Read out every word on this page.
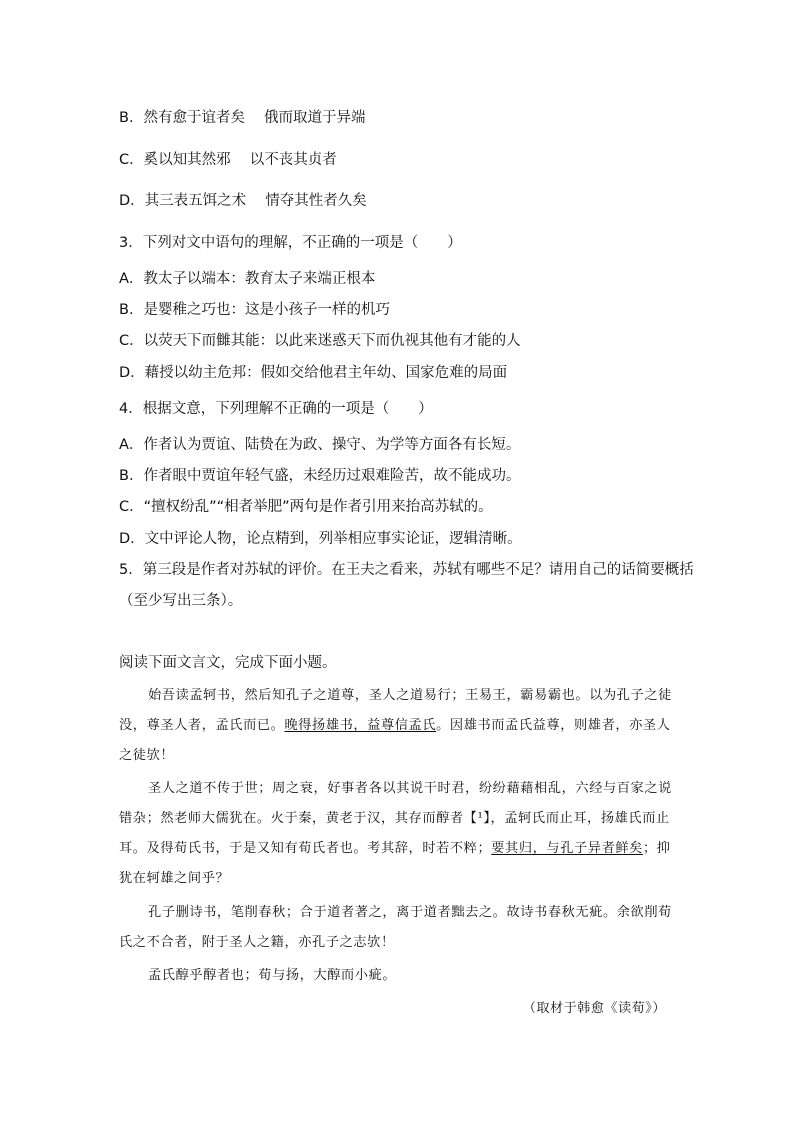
B．然有愈于谊者矣　 俄而取道于异端
C．奚以知其然邪　 以不丧其贞者
D．其三表五饵之术　 情夺其性者久矣
3．下列对文中语句的理解，不正确的一项是（　　）
A．教太子以端本：教育太子来端正根本
B．是婴稚之巧也：这是小孩子一样的机巧
C．以荧天下而雠其能：以此来迷惑天下而仇视其他有才能的人
D．藉授以幼主危邦：假如交给他君主年幼、国家危难的局面
4．根据文意，下列理解不正确的一项是（　　）
A．作者认为贾谊、陆贽在为政、操守、为学等方面各有长短。
B．作者眼中贾谊年轻气盛，未经历过艰难险苦，故不能成功。
C．“擅权纷乱”“相者举肥”两句是作者引用来抬高苏轼的。
D．文中评论人物，论点精到，列举相应事实论证，逻辑清晰。
5．第三段是作者对苏轼的评价。在王夫之看来，苏轼有哪些不足？请用自己的话简要概括
（至少写出三条）。
阅读下面文言文，完成下面小题。
始吾读孟轲书，然后知孔子之道尊，圣人之道易行；王易王，霸易霸也。以为孔子之徒
没，尊圣人者，孟氏而已。晚得扬雄书，益尊信孟氏。因雄书而孟氏益尊，则雄者，亦圣人
之徒欤！
圣人之道不传于世；周之衰，好事者各以其说干时君，纷纷藉藉相乱，六经与百家之说
错杂；然老师大儒犹在。火于秦，黄老于汉，其存而醇者【¹】，孟轲氏而止耳，扬雄氏而止
耳。及得荀氏书，于是又知有荀氏者也。考其辞，时若不粹；要其归，与孔子异者鲜矣；抑
犹在轲雄之间乎？
孔子删诗书，笔削春秋；合于道者著之，离于道者黜去之。故诗书春秋无疵。余欲削荀
氏之不合者，附于圣人之籍，亦孔子之志欤！
孟氏醇乎醇者也；荀与扬，大醇而小疵。
（取材于韩愈《读荀》）
